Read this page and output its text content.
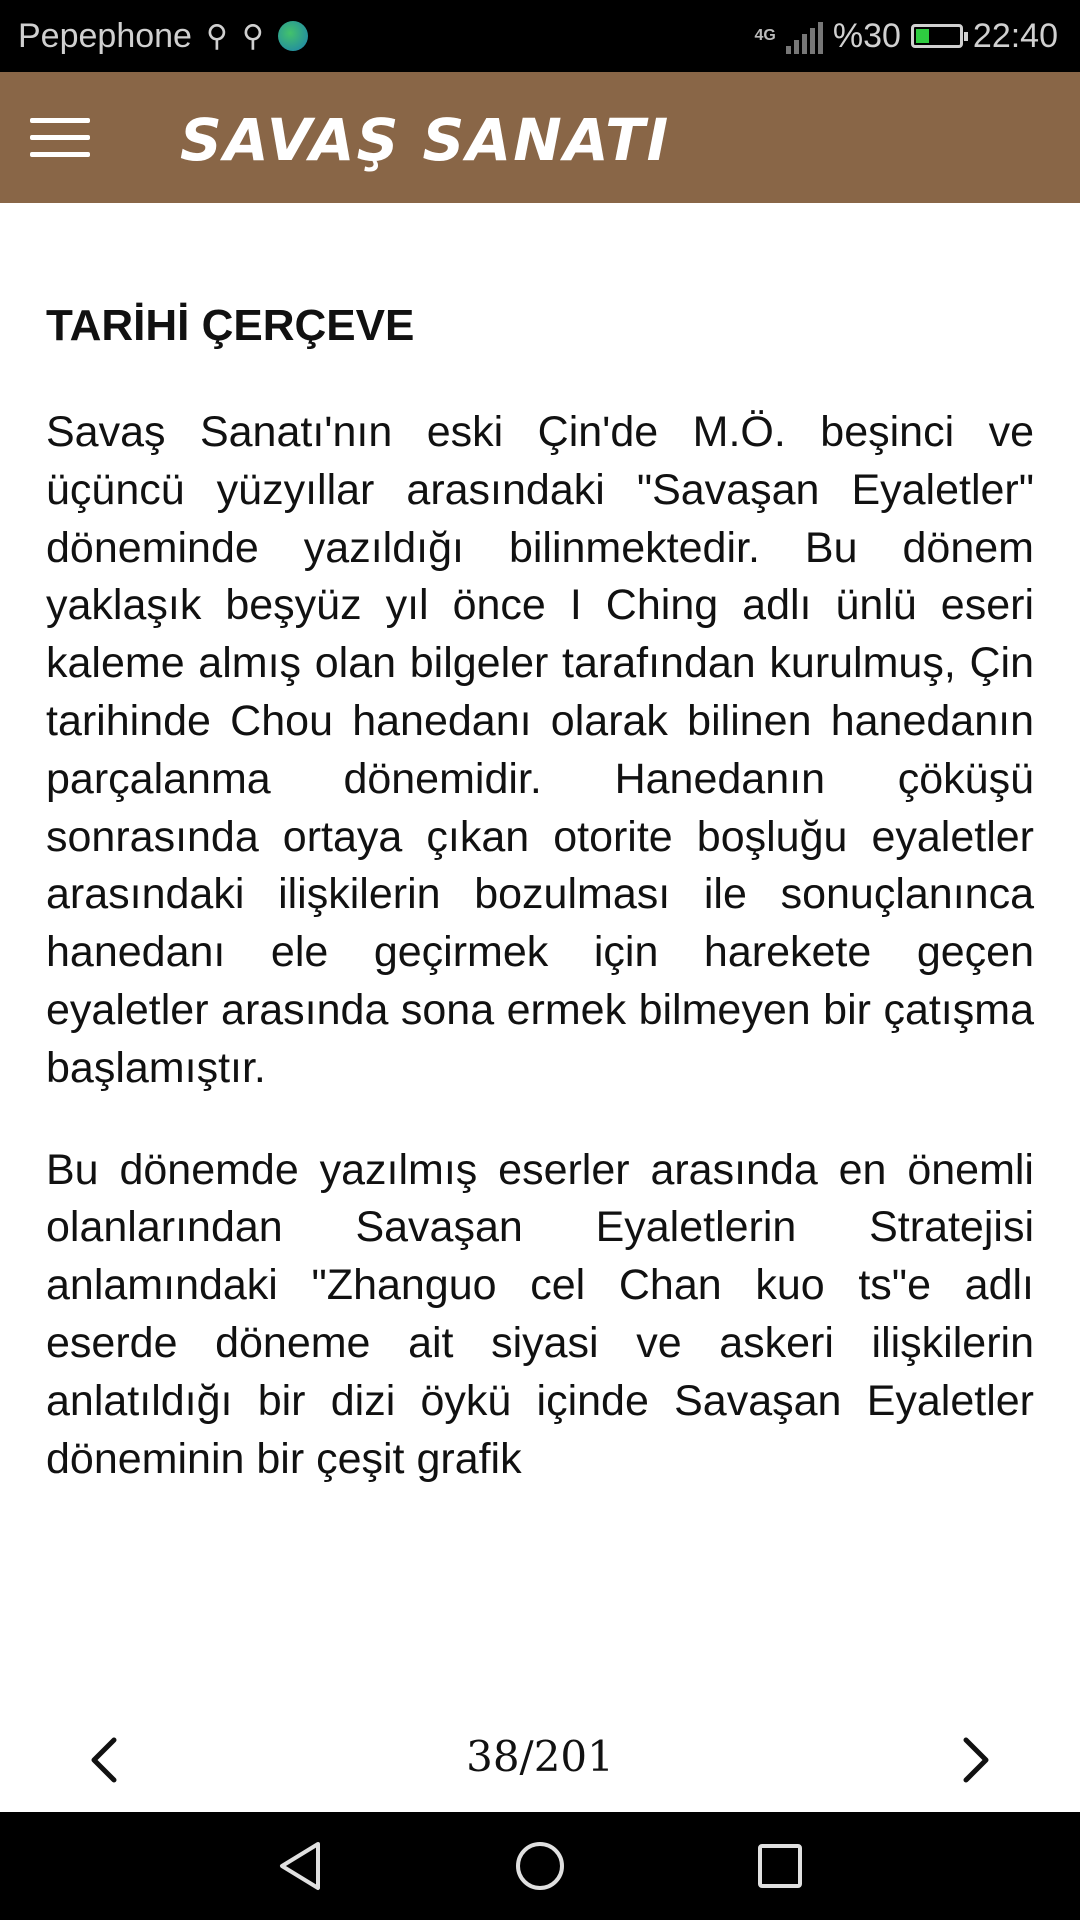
Pepephone ⚲ ⚲	4G %30 22:40
SAVAŞ SANATI
TARİHİ ÇERÇEVE

Savaş Sanatı'nın eski Çin'de M.Ö. beşinci ve üçüncü yüzyıllar arasındaki "Savaşan Eyaletler" döneminde yazıldığı bilinmektedir. Bu dönem yaklaşık beşyüz yıl önce I Ching adlı ünlü eseri kaleme almış olan bilgeler tarafından kurulmuş, Çin tarihinde Chou hanedanı olarak bilinen hanedanın parçalanma dönemidir. Hanedanın çöküşü sonrasında ortaya çıkan otorite boşluğu eyaletler arasındaki ilişkilerin bozulması ile sonuçlanınca hanedanı ele geçirmek için harekete geçen eyaletler arasında sona ermek bilmeyen bir çatışma başlamıştır.

Bu dönemde yazılmış eserler arasında en önemli olanlarından Savaşan Eyaletlerin Stratejisi anlamındaki "Zhanguo cel Chan kuo ts"e adlı eserde döneme ait siyasi ve askeri ilişkilerin anlatıldığı bir dizi öykü içinde Savaşan Eyaletler döneminin bir çeşit grafik

38/201
